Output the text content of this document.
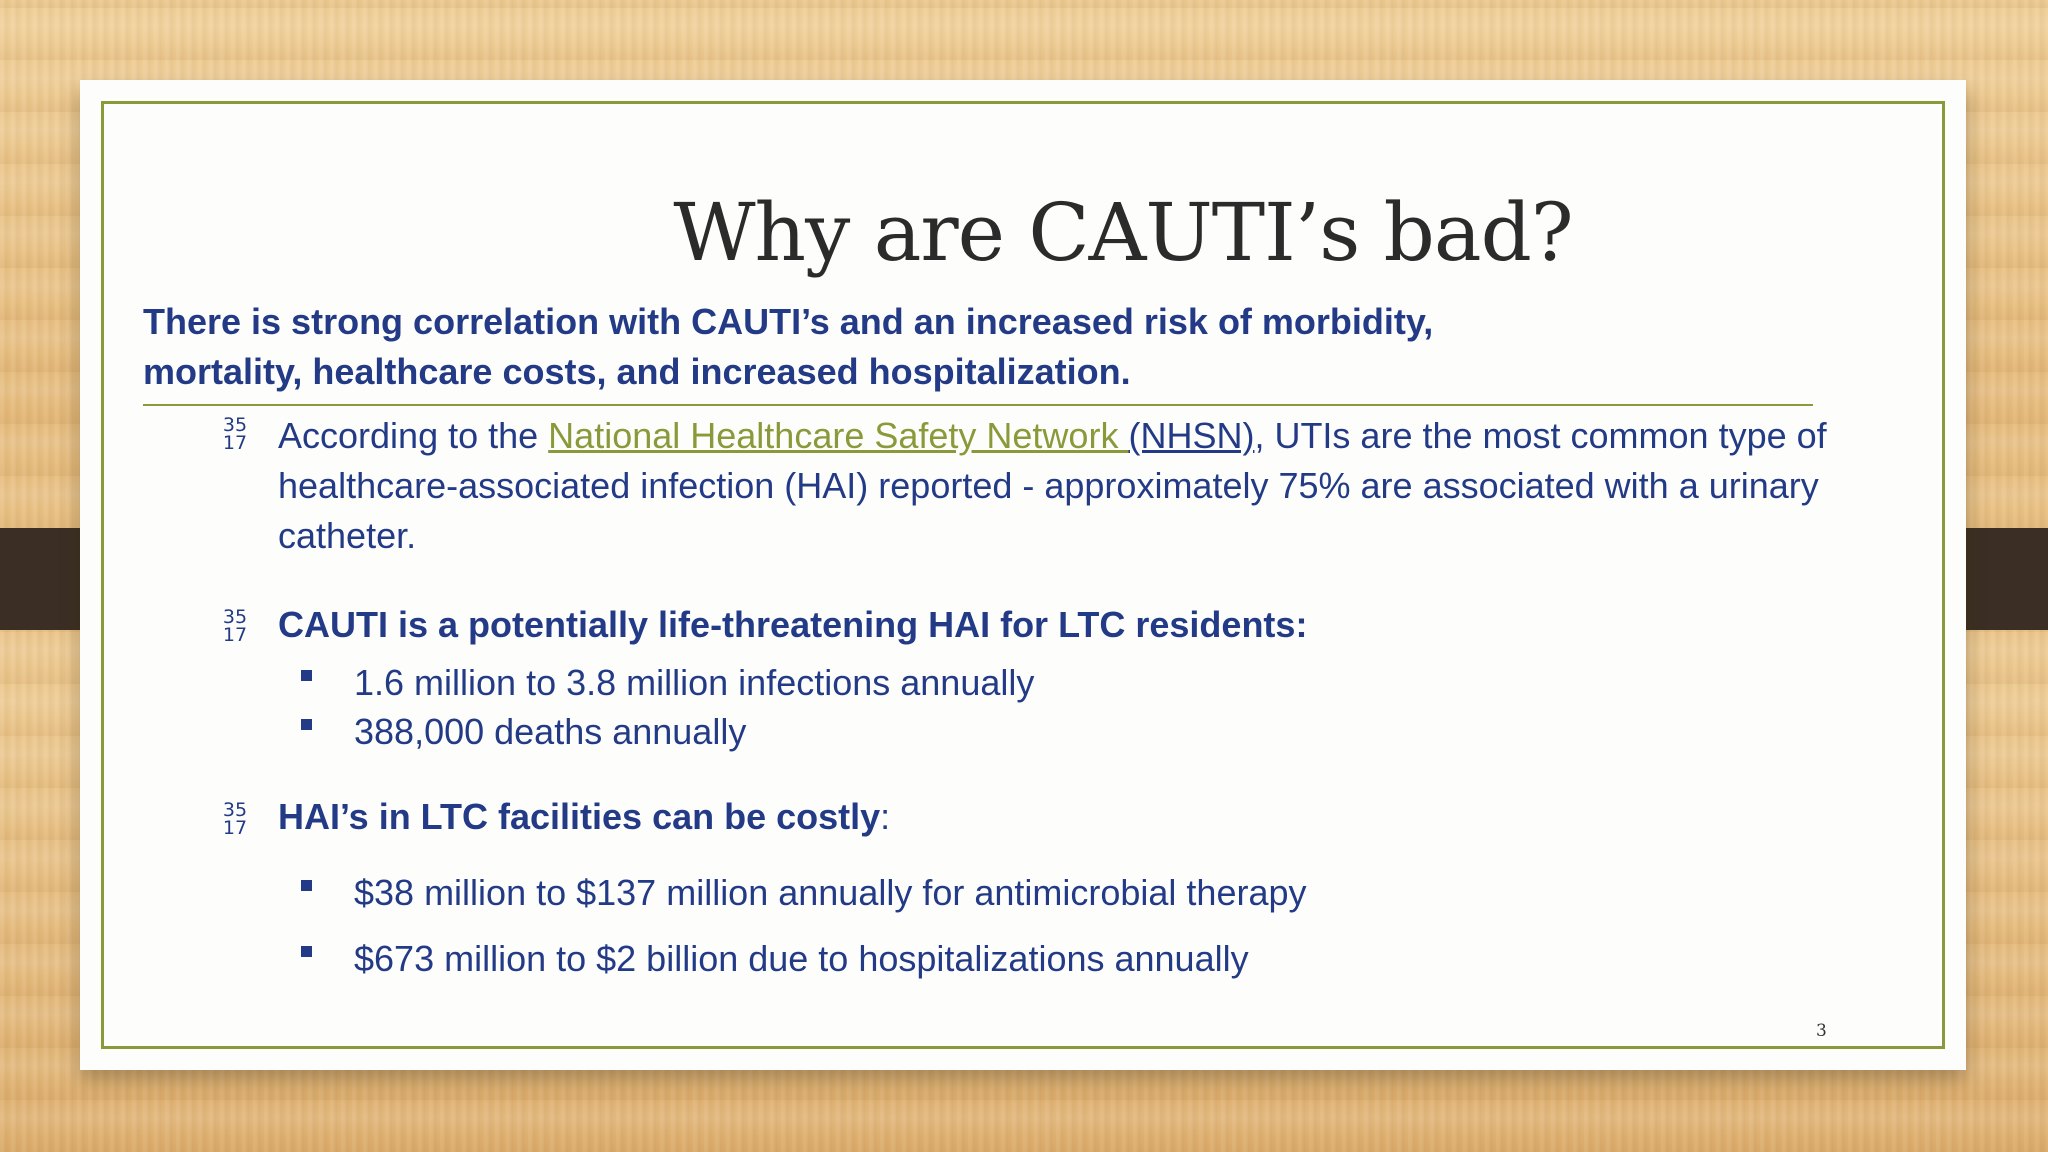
Why are CAUTI’s bad?
There is strong correlation with CAUTI’s and an increased risk of morbidity, mortality, healthcare costs, and increased hospitalization.
35
17 According to the National Healthcare Safety Network (NHSN), UTIs are the most common type of healthcare-associated infection (HAI) reported - approximately 75% are associated with a urinary catheter.
35
17 CAUTI is a potentially life-threatening HAI for LTC residents:
1.6 million to 3.8 million infections annually
388,000 deaths annually
35
17 HAI’s in LTC facilities can be costly:
$38 million to $137 million annually for antimicrobial therapy
$673 million to $2 billion due to hospitalizations annually
3
